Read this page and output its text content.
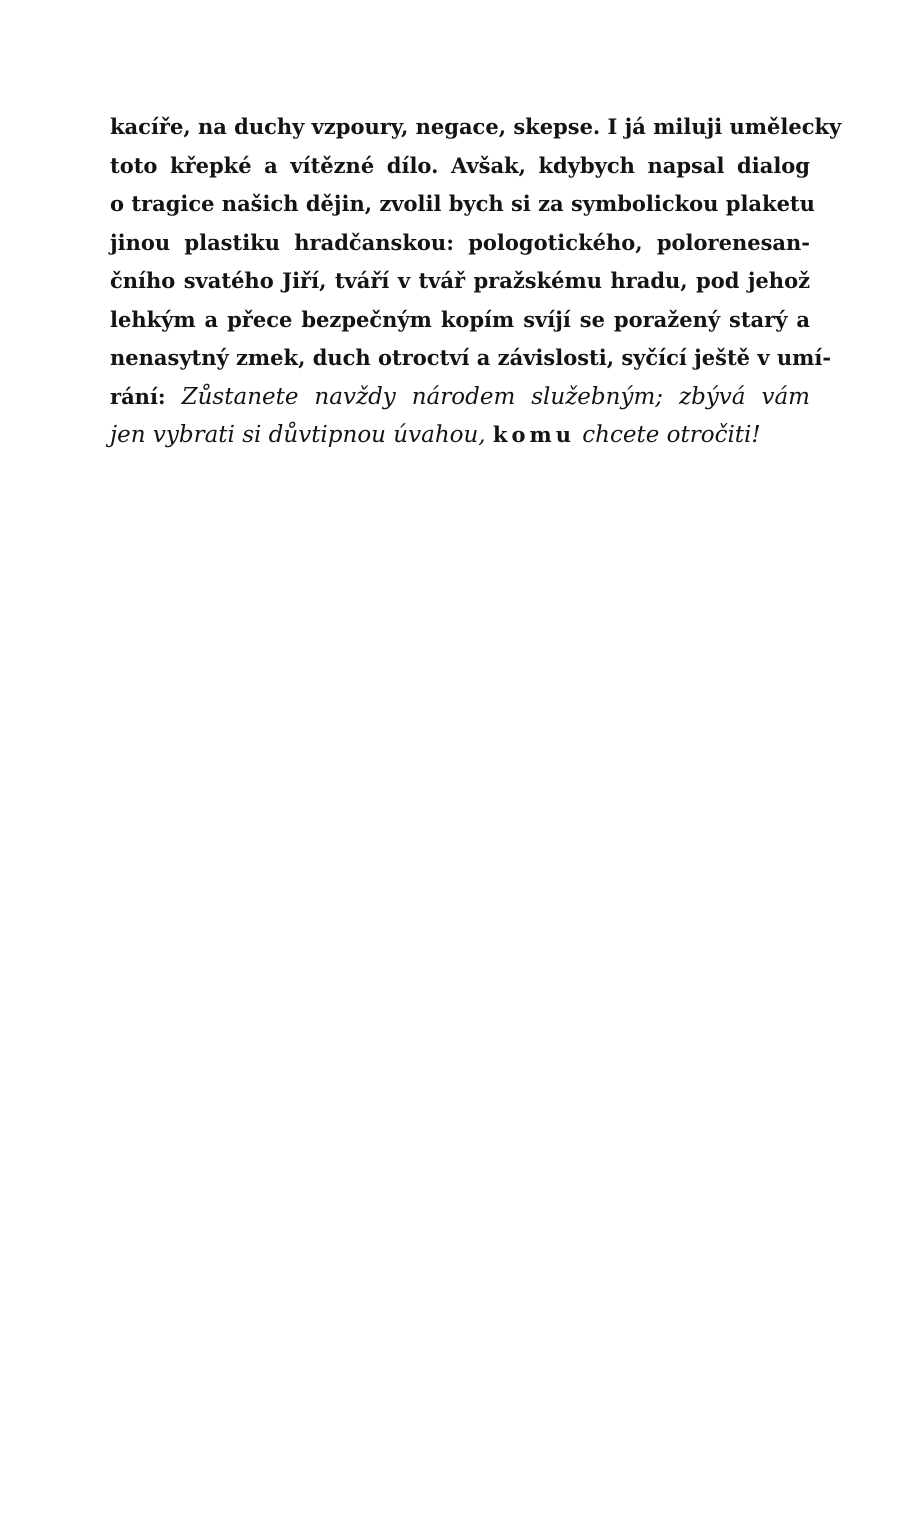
kacíře, na duchy vzpoury, negace, skepse. I já miluji umělecky
toto křepké a vítězné dílo. Avšak, kdybych napsal dialog
o tragice našich dějin, zvolil bych si za symbolickou plaketu
jinou plastiku hradčanskou: pologotického, polorenesan-
čního svatého Jiří, tváří v tvář pražskému hradu, pod jehož
lehkým a přece bezpečným kopím svíjí se poražený starý a
nenasytný zmek, duch otroctví a závislosti, syčící ještě v umí-
rání: Zůstanete navždy národem služebným; zbývá vám
jen vybrati si důvtipnou úvahou, komu chcete otročiti!
